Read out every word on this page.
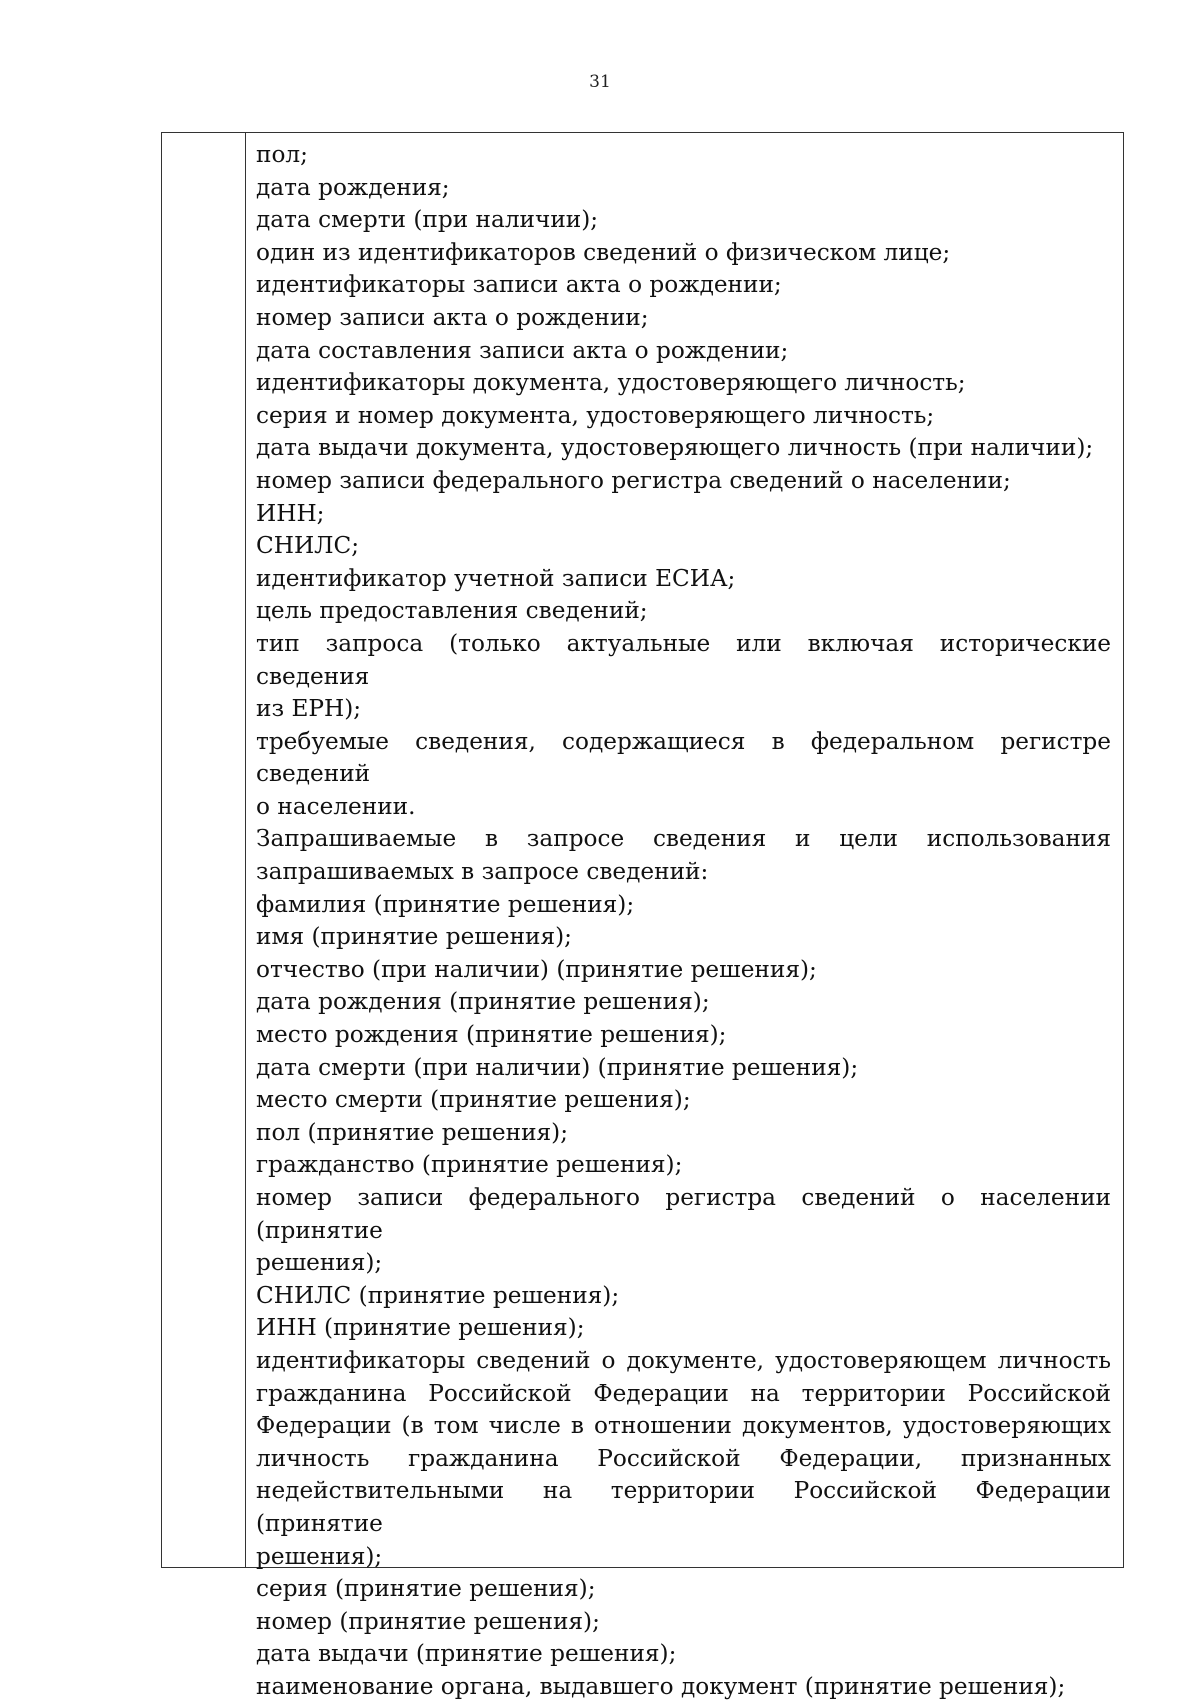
31
пол;
дата рождения;
дата смерти (при наличии);
один из идентификаторов сведений о физическом лице;
идентификаторы записи акта о рождении;
номер записи акта о рождении;
дата составления записи акта о рождении;
идентификаторы документа, удостоверяющего личность;
серия и номер документа, удостоверяющего личность;
дата выдачи документа, удостоверяющего личность (при наличии);
номер записи федерального регистра сведений о населении;
ИНН;
СНИЛС;
идентификатор учетной записи ЕСИА;
цель предоставления сведений;
тип запроса (только актуальные или включая исторические сведения
из ЕРН);
требуемые сведения, содержащиеся в федеральном регистре сведений
о населении.
Запрашиваемые в запросе сведения и цели использования
запрашиваемых в запросе сведений:
фамилия (принятие решения);
имя (принятие решения);
отчество (при наличии) (принятие решения);
дата рождения (принятие решения);
место рождения (принятие решения);
дата смерти (при наличии) (принятие решения);
место смерти (принятие решения);
пол (принятие решения);
гражданство (принятие решения);
номер записи федерального регистра сведений о населении (принятие
решения);
СНИЛС (принятие решения);
ИНН (принятие решения);
идентификаторы сведений о документе, удостоверяющем личность
гражданина Российской Федерации на территории Российской
Федерации (в том числе в отношении документов, удостоверяющих
личность гражданина Российской Федерации, признанных
недействительными на территории Российской Федерации (принятие
решения);
серия (принятие решения);
номер (принятие решения);
дата выдачи (принятие решения);
наименование органа, выдавшего документ (принятие решения);
